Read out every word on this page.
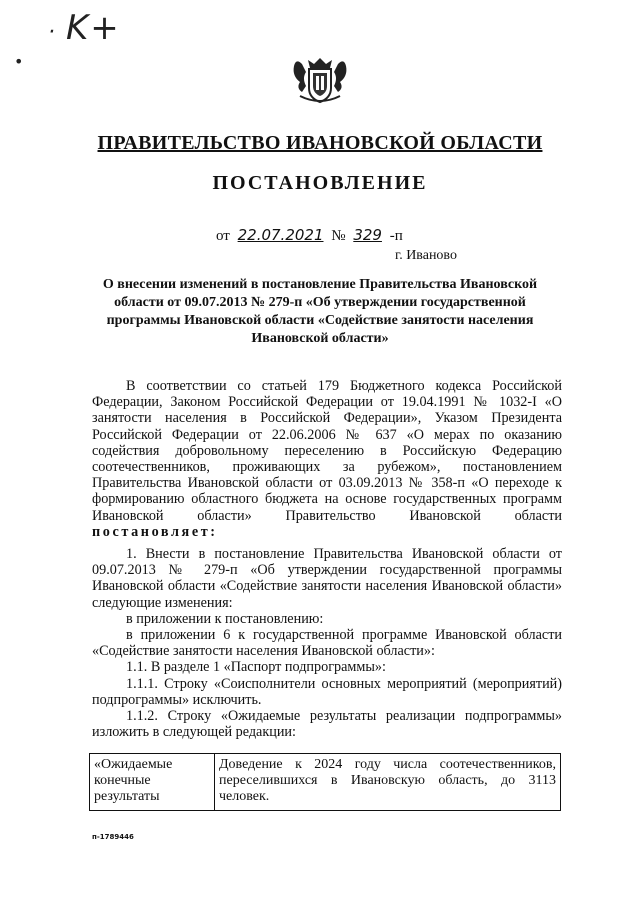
· K+
•
ПРАВИТЕЛЬСТВО ИВАНОВСКОЙ ОБЛАСТИ
ПОСТАНОВЛЕНИЕ
от 22.07.2021 № 329 -п
г. Иваново
О внесении изменений в постановление Правительства Ивановской области от 09.07.2013 № 279-п «Об утверждении государственной программы Ивановской области «Содействие занятости населения Ивановской области»

В соответствии со статьей 179 Бюджетного кодекса Российской Федерации, Законом Российской Федерации от 19.04.1991 № 1032-I «О занятости населения в Российской Федерации», Указом Президента Российской Федерации от 22.06.2006 № 637 «О мерах по оказанию содействия добровольному переселению в Российскую Федерацию соотечественников, проживающих за рубежом», постановлением Правительства Ивановской области от 03.09.2013 № 358-п «О переходе к формированию областного бюджета на основе государственных программ Ивановской области» Правительство Ивановской области

постановляет:

1. Внести в постановление Правительства Ивановской области от 09.07.2013 № 279-п «Об утверждении государственной программы Ивановской области «Содействие занятости населения Ивановской области» следующие изменения:

в приложении к постановлению:

в приложении 6 к государственной программе Ивановской области «Содействие занятости населения Ивановской области»:

1.1. В разделе 1 «Паспорт подпрограммы»:

1.1.1. Строку «Соисполнители основных мероприятий (мероприятий) подпрограммы» исключить.

1.1.2. Строку «Ожидаемые результаты реализации подпрограммы» изложить в следующей редакции:

«Ожидаемые конечные результаты	Доведение к 2024 году числа соотечественников, переселившихся в Ивановскую область, до 3113 человек.
п-1789446
